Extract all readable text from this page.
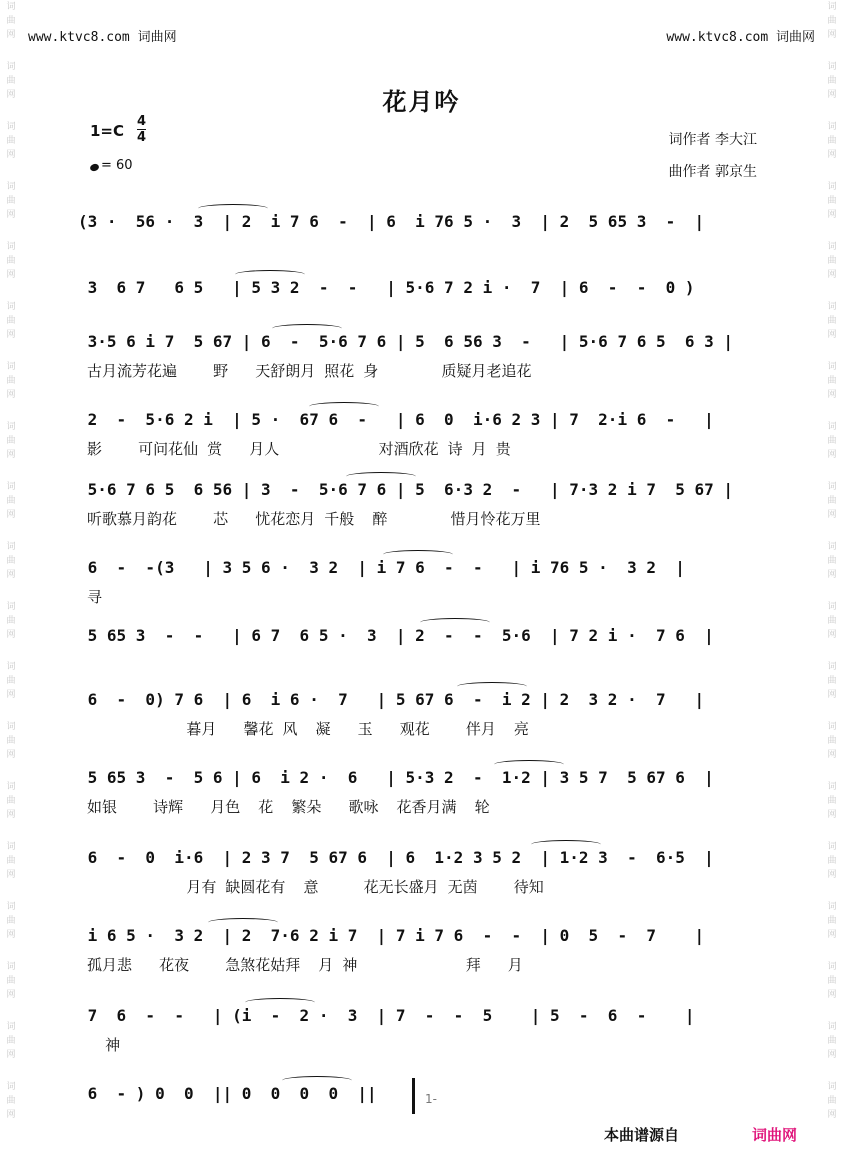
词
曲
网
词
曲
网
词
曲
网
词
曲
网
词
曲
网
词
曲
网
词
曲
网
词
曲
网
词
曲
网
词
曲
网
词
曲
网
词
曲
网
词
曲
网
词
曲
网
词
曲
网
词
曲
网
词
曲
网
词
曲
网
词
曲
网
词
曲
网
词
曲
网
词
曲
网
词
曲
网
词
曲
网
词
曲
网
词
曲
网
词
曲
网
词
曲
网
词
曲
网
词
曲
网
词
曲
网
词
曲
网
词
曲
网
词
曲
网
词
曲
网
词
曲
网
词
曲
网
词
曲
网
www.ktvc8.com 词曲网	www.ktvc8.com 词曲网
花月吟
1=C
4
4
= 60
词作者 李大江
曲作者 郭京生
(3 ·  56 ·  3  | 2  i 7 6  -  | 6  i 76 5 ·  3  | 2  5 65 3  -  |
3  6 7   6 5   | 5 3 2  -  -   | 5·6 7 2 i ·  7  | 6  -  -  0 )
3·5 6 i 7  5 67 | 6  -  5·6 7 6 | 5  6 56 3  -   | 5·6 7 6 5  6 3 |
古月流芳花遍    野   天舒朗月 照花 身       质疑月老追花
2  -  5·6 2 i  | 5 ·  67 6  -   | 6  0  i·6 2 3 | 7  2·i 6  -   |
影    可问花仙 赏   月人           对酒欣花 诗 月 贵
5·6 7 6 5  6 56 | 3  -  5·6 7 6 | 5  6·3 2  -   | 7·3 2 i 7  5 67 |
听歌慕月韵花    芯   忧花恋月 千般  醉       惜月怜花万里
6  -  -(3   | 3 5 6 ·  3 2  | i 7 6  -  -   | i 76 5 ·  3 2  |
寻
5 65 3  -  -   | 6 7  6 5 ·  3  | 2  -  -  5·6  | 7 2 i ·  7 6  |
6  -  0) 7 6  | 6  i 6 ·  7   | 5 67 6  -  i 2 | 2  3 2 ·  7   |
暮月   馨花 风  凝   玉   观花    伴月  亮
5 65 3  -  5 6 | 6  i 2 ·  6   | 5·3 2  -  1·2 | 3 5 7  5 67 6  |
如银    诗辉   月色  花  繁朵   歌咏  花香月满  轮
6  -  0  i·6  | 2 3 7  5 67 6  | 6  1·2 3 5 2  | 1·2 3  -  6·5  |
月有 缺圆花有  意     花无长盛月 无茵    待知
i 6 5 ·  3 2  | 2  7·6 2 i 7  | 7 i 7 6  -  -  | 0  5  -  7    |
孤月悲   花夜    急煞花姑拜  月 神            拜   月
7  6  -  -   | (i  -  2 ·  3  | 7  -  -  5    | 5  -  6  -    |
神
6  - ) 0  0  || 0  0  0  0  ||	1-
本曲谱源自	词曲网
